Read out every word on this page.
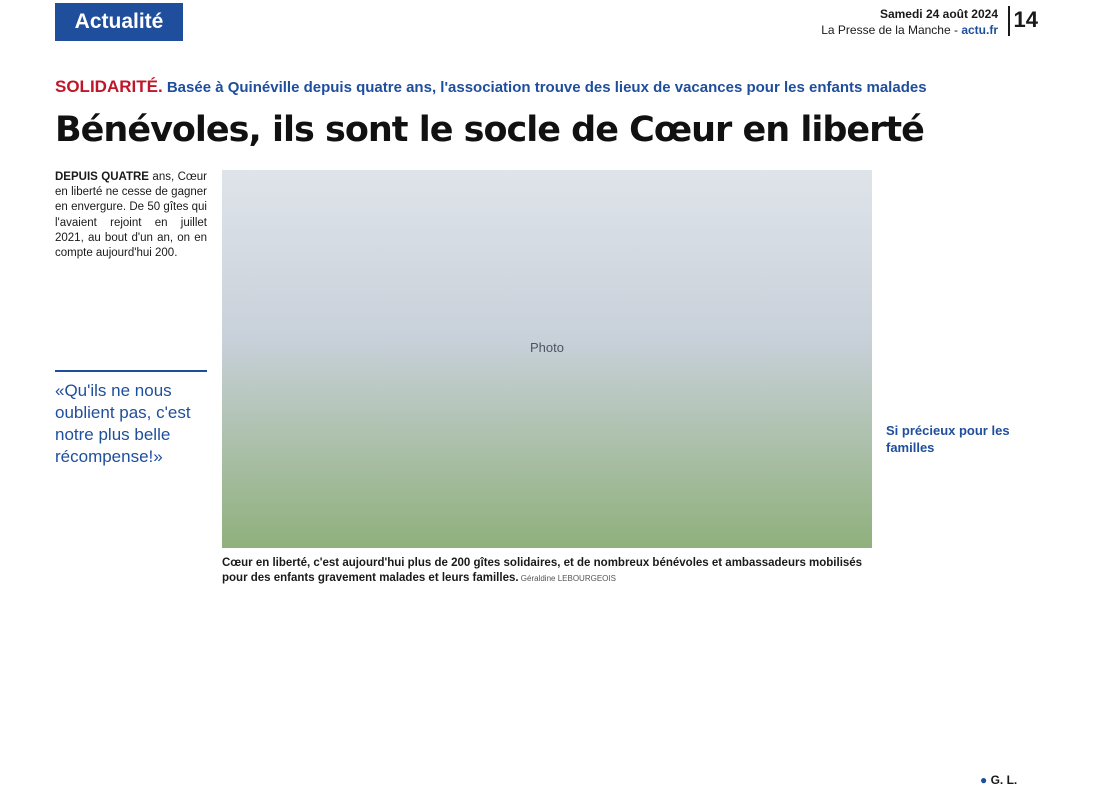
Actualité	Samedi 24 août 2024
La Presse de la Manche - actu.fr 14
SOLIDARITÉ. Basée à Quinéville depuis quatre ans, l'association trouve des lieux de vacances pour les enfants malades
Bénévoles, ils sont le socle de Cœur en liberté
DEPUIS QUATRE ans, Cœur en liberté ne cesse de gagner en envergure. De 50 gîtes qui l'avaient rejoint en juillet 2021, au bout d'un an, on en compte aujourd'hui 200.
«Qu'ils ne nous oublient pas, c'est notre plus belle récompense!»
Photo
Cœur en liberté, c'est aujourd'hui plus de 200 gîtes solidaires, et de nombreux bénévoles et ambassadeurs mobilisés pour des enfants gravement malades et leurs familles. Géraldine LEBOURGEOIS
Si précieux pour les familles
● G. L.
